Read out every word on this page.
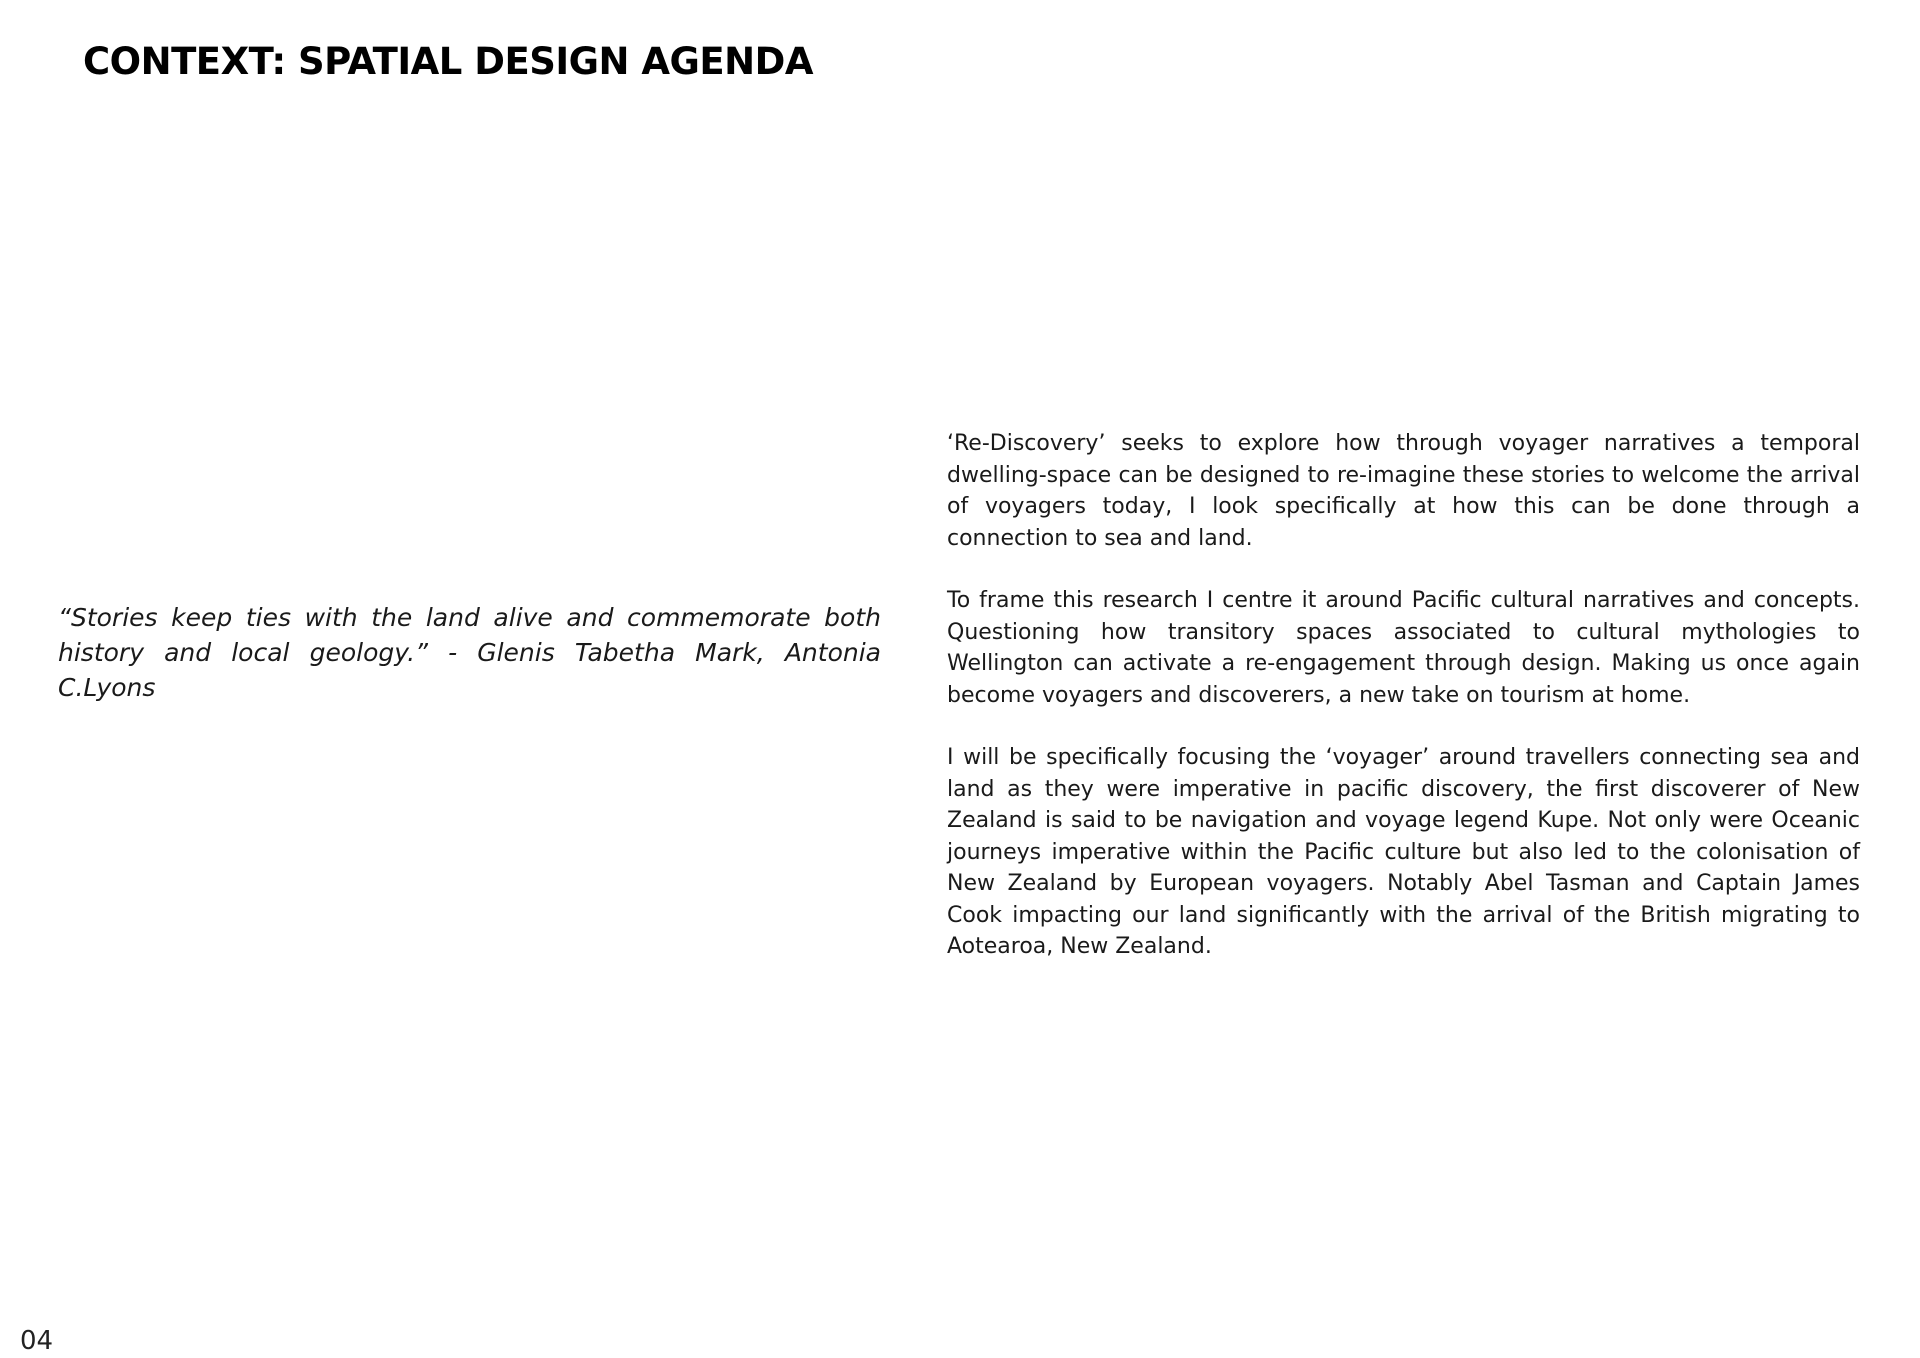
CONTEXT: SPATIAL DESIGN AGENDA

“Stories keep ties with the land alive and commemorate both history and local geology.” - Glenis Tabetha Mark, Antonia C.Lyons

‘Re-Discovery’ seeks to explore how through voyager narratives a temporal dwelling-space can be designed to re-imagine these stories to welcome the arrival of voyagers today, I look specifically at how this can be done through a connection to sea and land.

To frame this research I centre it around Pacific cultural narratives and concepts. Questioning how transitory spaces associated to cultural mythologies to Wellington can activate a re-engagement through design. Making us once again become voyagers and discoverers, a new take on tourism at home.

I will be specifically focusing the ‘voyager’ around travellers connecting sea and land as they were imperative in pacific discovery, the first discoverer of New Zealand is said to be navigation and voyage legend Kupe. Not only were Oceanic journeys imperative within the Pacific culture but also led to the colonisation of New Zealand by European voyagers. Notably Abel Tasman and Captain James Cook impacting our land significantly with the arrival of the British migrating to Aotearoa, New Zealand.

04
